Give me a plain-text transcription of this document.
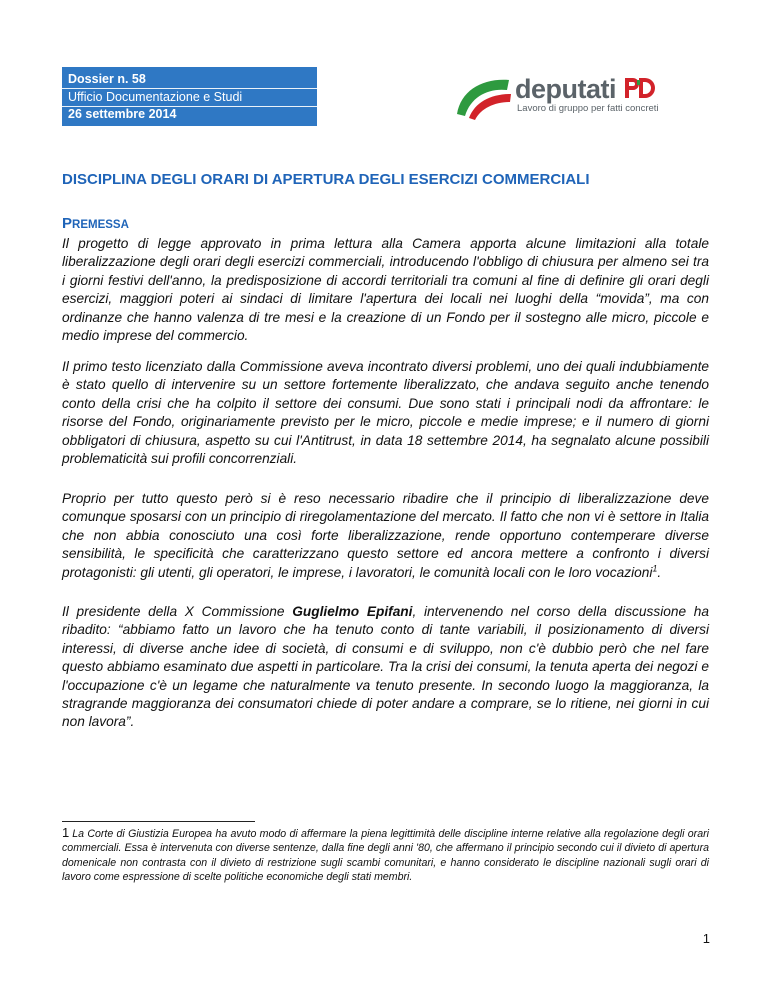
Dossier n. 58
Ufficio Documentazione e Studi
26 settembre 2014
deputati
Lavoro di gruppo per fatti concreti
DISCIPLINA DEGLI ORARI DI APERTURA DEGLI ESERCIZI COMMERCIALI
PREMESSA

Il progetto di legge approvato in prima lettura alla Camera apporta alcune limitazioni alla totale liberalizzazione degli orari degli esercizi commerciali, introducendo l'obbligo di chiusura per almeno sei tra i giorni festivi dell'anno, la predisposizione di accordi territoriali tra comuni al fine di definire gli orari degli esercizi, maggiori poteri ai sindaci di limitare l'apertura dei locali nei luoghi della “movida”, ma con ordinanze che hanno valenza di tre mesi e la creazione di un Fondo per il sostegno alle micro, piccole e medio imprese del commercio.

Il primo testo licenziato dalla Commissione aveva incontrato diversi problemi, uno dei quali indubbiamente è stato quello di intervenire su un settore fortemente liberalizzato, che andava seguito anche tenendo conto della crisi che ha colpito il settore dei consumi. Due sono stati i principali nodi da affrontare: le risorse del Fondo, originariamente previsto per le micro, piccole e medie imprese; e il numero di giorni obbligatori di chiusura, aspetto su cui l'Antitrust, in data 18 settembre 2014, ha segnalato alcune possibili problematicità sui profili concorrenziali.

Proprio per tutto questo però si è reso necessario ribadire che il principio di liberalizzazione deve comunque sposarsi con un principio di riregolamentazione del mercato. Il fatto che non vi è settore in Italia che non abbia conosciuto una così forte liberalizzazione, rende opportuno contemperare diverse sensibilità, le specificità che caratterizzano questo settore ed ancora mettere a confronto i diversi protagonisti: gli utenti, gli operatori, le imprese, i lavoratori, le comunità locali con le loro vocazioni$^1$.

Il presidente della X Commissione Guglielmo Epifani, intervenendo nel corso della discussione ha ribadito: “abbiamo fatto un lavoro che ha tenuto conto di tante variabili, il posizionamento di diversi interessi, di diverse anche idee di società, di consumi e di sviluppo, non c'è dubbio però che nel fare questo abbiamo esaminato due aspetti in particolare. Tra la crisi dei consumi, la tenuta aperta dei negozi e l'occupazione c'è un legame che naturalmente va tenuto presente. In secondo luogo la maggioranza, la stragrande maggioranza dei consumatori chiede di poter andare a comprare, se lo ritiene, nei giorni in cui non lavora”.

1 La Corte di Giustizia Europea ha avuto modo di affermare la piena legittimità delle discipline interne relative alla regolazione degli orari commerciali. Essa è intervenuta con diverse sentenze, dalla fine degli anni '80, che affermano il principio secondo cui il divieto di apertura domenicale non contrasta con il divieto di restrizione sugli scambi comunitari, e hanno considerato le discipline nazionali sugli orari di lavoro come espressione di scelte politiche economiche degli stati membri.

1
